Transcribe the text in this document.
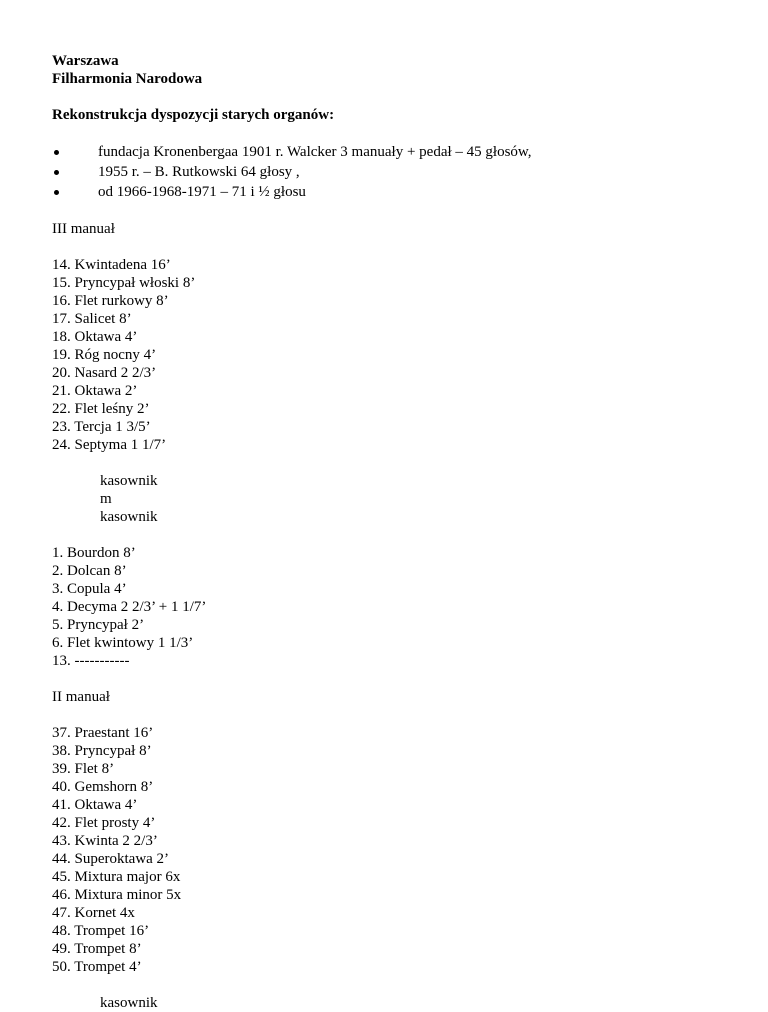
Warszawa
Filharmonia Narodowa
Rekonstrukcja dyspozycji starych organów:
fundacja Kronenbergaa 1901 r. Walcker 3 manuały + pedał – 45 głosów,
1955 r. – B. Rutkowski 64 głosy ,
od 1966-1968-1971 – 71 i ½ głosu
III manuał
14. Kwintadena 16’
15. Pryncypał włoski 8’
16. Flet rurkowy 8’
17. Salicet 8’
18. Oktawa 4’
19. Róg nocny 4’
20. Nasard 2 2/3’
21. Oktawa 2’
22. Flet leśny 2’
23. Tercja 1 3/5’
24. Septyma 1 1/7’
kasownik
m
kasownik
1. Bourdon 8’
2. Dolcan 8’
3. Copula 4’
4. Decyma 2 2/3’ + 1 1/7’
5. Pryncypał 2’
6. Flet kwintowy 1 1/3’
13. -----------
II manuał
37. Praestant 16’
38. Pryncypał 8’
39. Flet 8’
40. Gemshorn 8’
41. Oktawa 4’
42. Flet prosty 4’
43. Kwinta 2 2/3’
44. Superoktawa 2’
45. Mixtura major 6x
46. Mixtura minor 5x
47. Kornet 4x
48. Trompet 16’
49. Trompet 8’
50. Trompet 4’
kasownik
